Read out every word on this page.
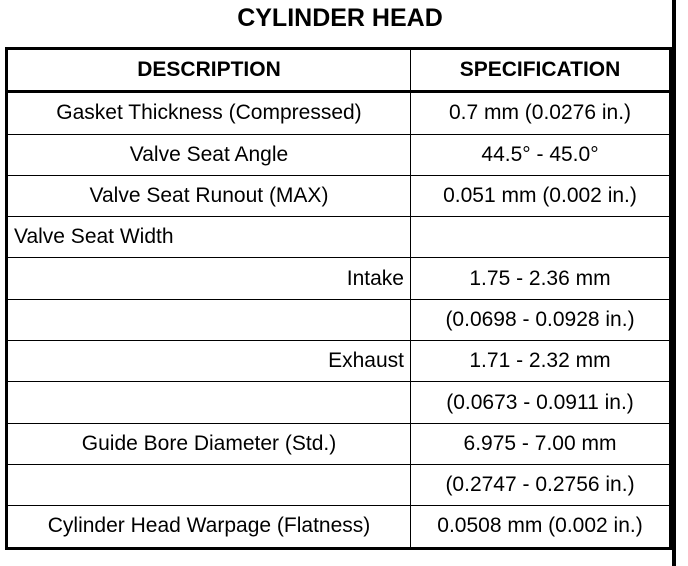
CYLINDER HEAD
DESCRIPTION	SPECIFICATION
Gasket Thickness (Compressed)	0.7 mm (0.0276 in.)
Valve Seat Angle	44.5° - 45.0°
Valve Seat Runout (MAX)	0.051 mm (0.002 in.)
Valve Seat Width	
Intake	1.75 - 2.36 mm
	(0.0698 - 0.0928 in.)
Exhaust	1.71 - 2.32 mm
	(0.0673 - 0.0911 in.)
Guide Bore Diameter (Std.)	6.975 - 7.00 mm
	(0.2747 - 0.2756 in.)
Cylinder Head Warpage (Flatness)	0.0508 mm (0.002 in.)
